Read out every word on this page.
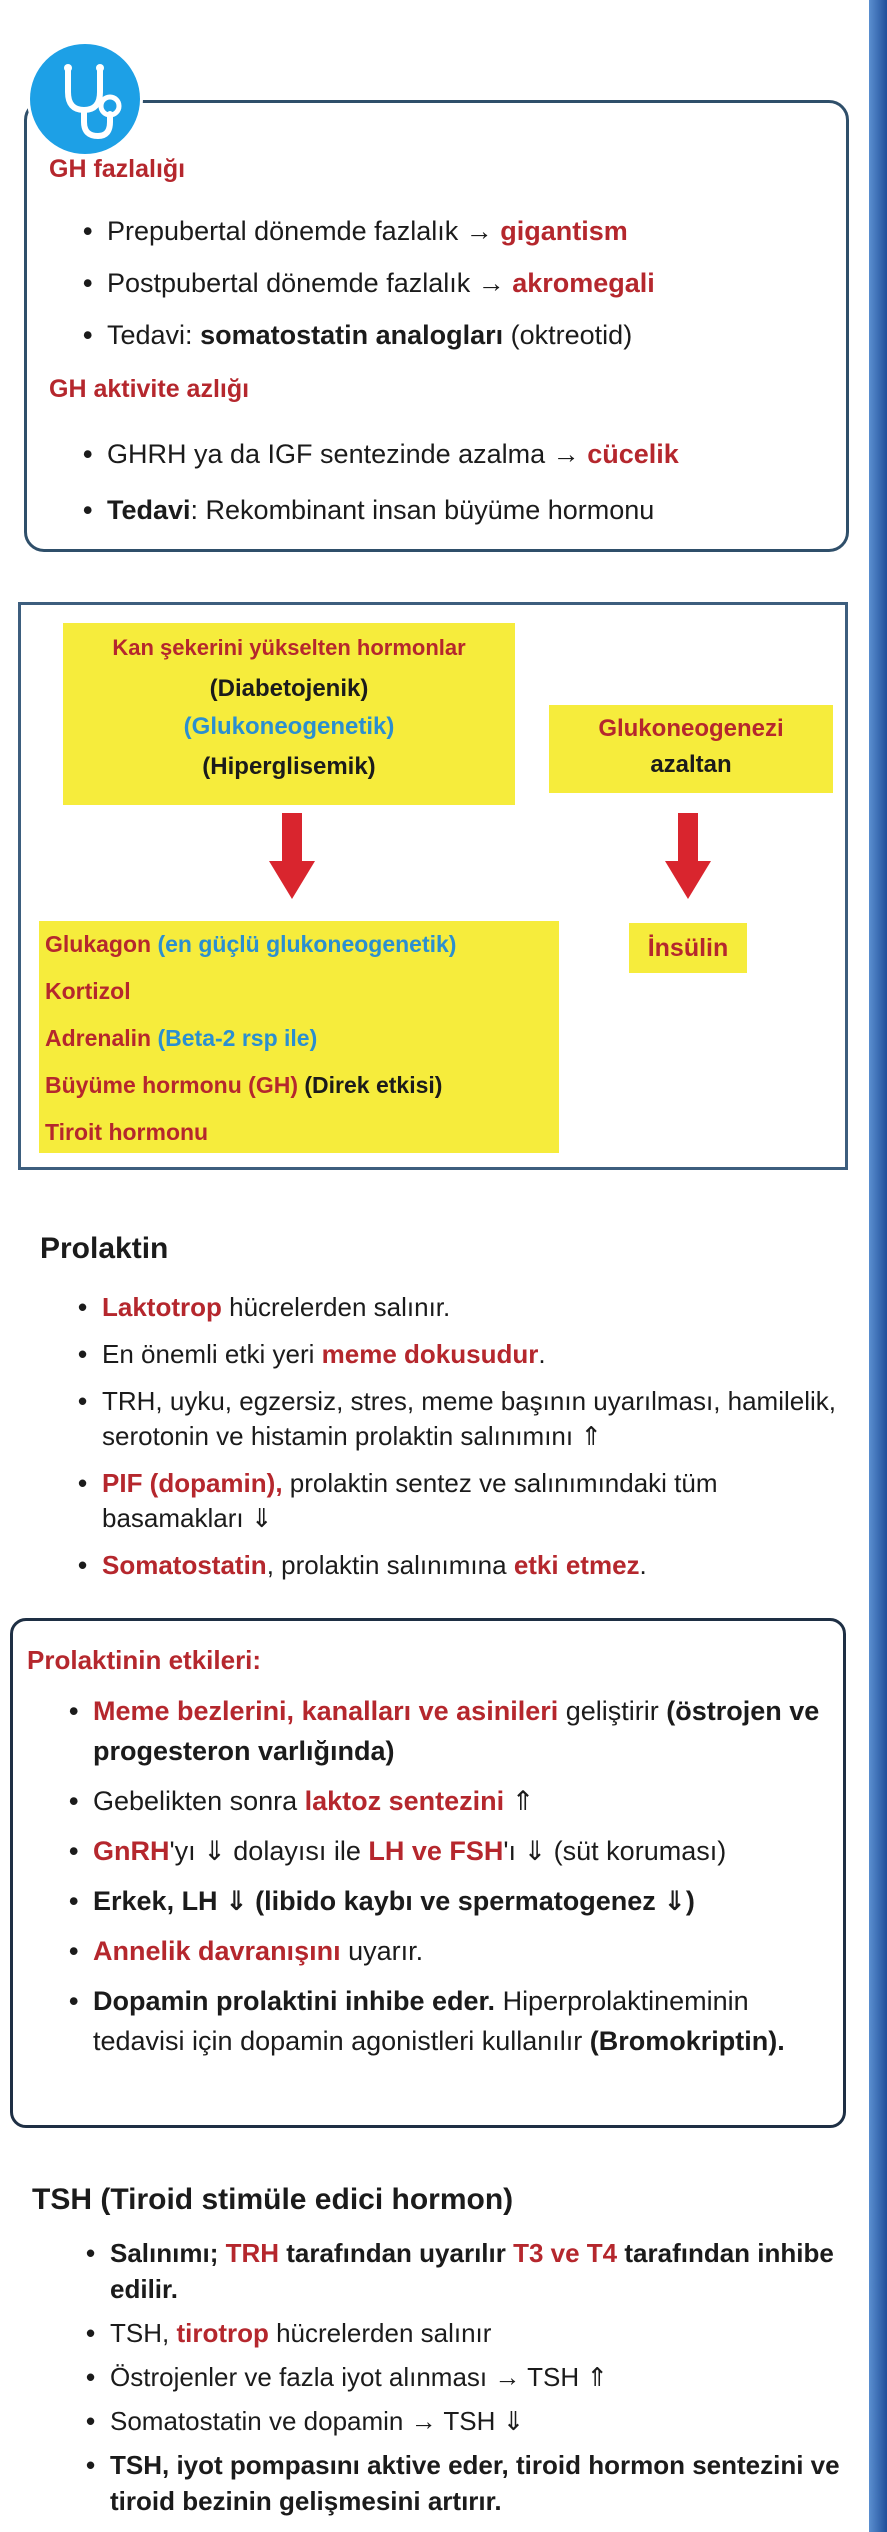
GH fazlalığı
• Prepubertal dönemde fazlalık → gigantism
• Postpubertal dönemde fazlalık → akromegali
• Tedavi: somatostatin analogları (oktreotid)
GH aktivite azlığı
• GHRH ya da IGF sentezinde azalma → cücelik
• Tedavi: Rekombinant insan büyüme hormonu
Kan şekerini yükselten hormonlar
(Diabetojenik)
(Glukoneogenetik)
(Hiperglisemik)
Glukoneogenezi
azaltan
Glukagon (en güçlü glukoneogenetik)
Kortizol
Adrenalin (Beta-2 rsp ile)
Büyüme hormonu (GH) (Direk etkisi)
Tiroit hormonu
İnsülin
Prolaktin
• Laktotrop hücrelerden salınır.
• En önemli etki yeri meme dokusudur.
• TRH, uyku, egzersiz, stres, meme başının uyarılması, hamilelik, serotonin ve histamin prolaktin salınımını ⇑
• PIF (dopamin), prolaktin sentez ve salınımındaki tüm basamakları ⇓
• Somatostatin, prolaktin salınımına etki etmez.
Prolaktinin etkileri:
• Meme bezlerini, kanalları ve asinileri geliştirir (östrojen ve progesteron varlığında)
• Gebelikten sonra laktoz sentezini ⇑
• GnRH'yı ⇓ dolayısı ile LH ve FSH'ı ⇓ (süt koruması)
• Erkek, LH ⇓ (libido kaybı ve spermatogenez ⇓)
• Annelik davranışını uyarır.
• Dopamin prolaktini inhibe eder. Hiperprolaktineminin tedavisi için dopamin agonistleri kullanılır (Bromokriptin).
TSH (Tiroid stimüle edici hormon)
• Salınımı; TRH tarafından uyarılır T3 ve T4 tarafından inhibe edilir.
• TSH, tirotrop hücrelerden salınır
• Östrojenler ve fazla iyot alınması → TSH ⇑
• Somatostatin ve dopamin → TSH ⇓
• TSH, iyot pompasını aktive eder, tiroid hormon sentezini ve tiroid bezinin gelişmesini artırır.
